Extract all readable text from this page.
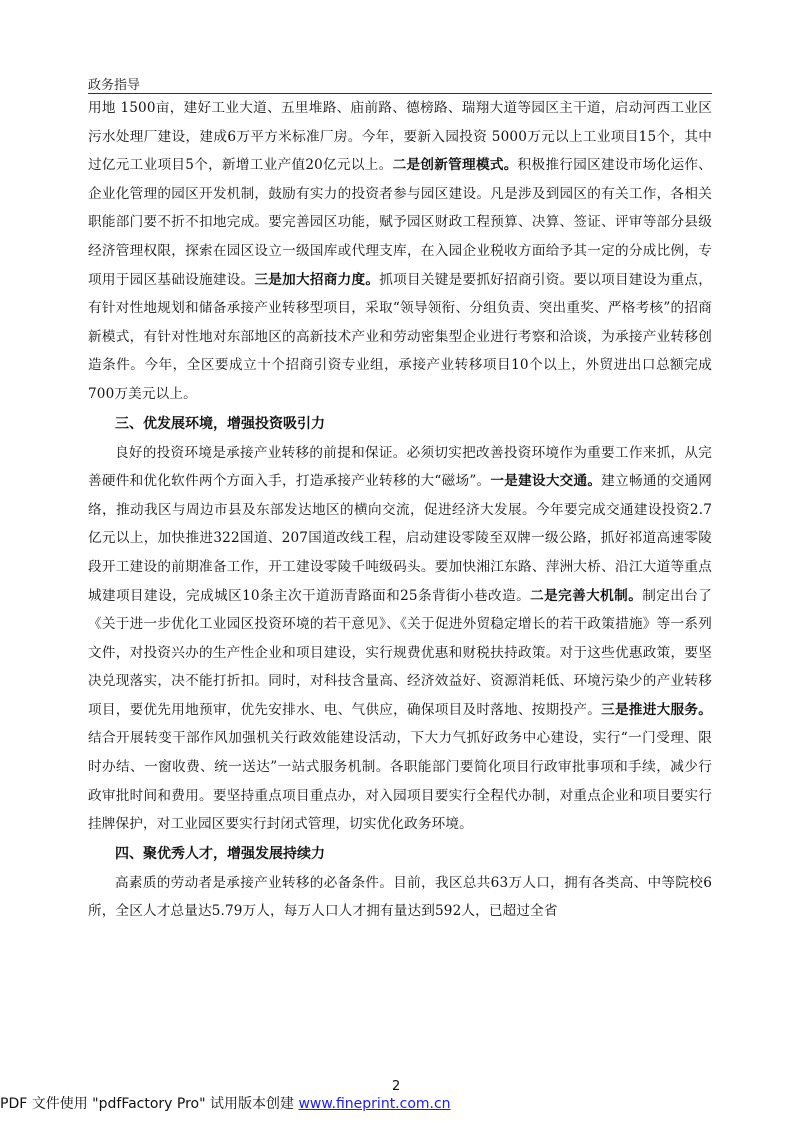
政务指导

用地 1500亩，建好工业大道、五里堆路、庙前路、德榜路、瑞翔大道等园区主干道，启动河西工业区污水处理厂建设，建成6万平方米标准厂房。今年，要新入园投资 5000万元以上工业项目15个，其中过亿元工业项目5个，新增工业产值20亿元以上。二是创新管理模式。积极推行园区建设市场化运作、企业化管理的园区开发机制，鼓励有实力的投资者参与园区建设。凡是涉及到园区的有关工作，各相关职能部门要不折不扣地完成。要完善园区功能，赋予园区财政工程预算、决算、签证、评审等部分县级经济管理权限，探索在园区设立一级国库或代理支库，在入园企业税收方面给予其一定的分成比例，专项用于园区基础设施建设。三是加大招商力度。抓项目关键是要抓好招商引资。要以项目建设为重点，有针对性地规划和储备承接产业转移型项目，采取“领导领衔、分组负责、突出重奖、严格考核”的招商新模式，有针对性地对东部地区的高新技术产业和劳动密集型企业进行考察和洽谈，为承接产业转移创造条件。今年，全区要成立十个招商引资专业组，承接产业转移项目10个以上，外贸进出口总额完成700万美元以上。

三、优发展环境，增强投资吸引力

良好的投资环境是承接产业转移的前提和保证。必须切实把改善投资环境作为重要工作来抓，从完善硬件和优化软件两个方面入手，打造承接产业转移的大“磁场”。一是建设大交通。建立畅通的交通网络，推动我区与周边市县及东部发达地区的横向交流，促进经济大发展。今年要完成交通建设投资2.7亿元以上，加快推进322国道、207国道改线工程，启动建设零陵至双牌一级公路，抓好祁道高速零陵段开工建设的前期准备工作，开工建设零陵千吨级码头。要加快湘江东路、萍洲大桥、沿江大道等重点城建项目建设，完成城区10条主次干道沥青路面和25条背街小巷改造。二是完善大机制。制定出台了《关于进一步优化工业园区投资环境的若干意见》、《关于促进外贸稳定增长的若干政策措施》等一系列文件，对投资兴办的生产性企业和项目建设，实行规费优惠和财税扶持政策。对于这些优惠政策，要坚决兑现落实，决不能打折扣。同时，对科技含量高、经济效益好、资源消耗低、环境污染少的产业转移项目，要优先用地预审，优先安排水、电、气供应，确保项目及时落地、按期投产。三是推进大服务。结合开展转变干部作风加强机关行政效能建设活动，下大力气抓好政务中心建设，实行“一门受理、限时办结、一窗收费、统一送达”一站式服务机制。各职能部门要简化项目行政审批事项和手续，减少行政审批时间和费用。要坚持重点项目重点办，对入园项目要实行全程代办制，对重点企业和项目要实行挂牌保护，对工业园区要实行封闭式管理，切实优化政务环境。

四、聚优秀人才，增强发展持续力

高素质的劳动者是承接产业转移的必备条件。目前，我区总共63万人口，拥有各类高、中等院校6所，全区人才总量达5.79万人，每万人口人才拥有量达到592人，已超过全省

2
PDF 文件使用 "pdfFactory Pro" 试用版本创建 www.fineprint.com.cn
